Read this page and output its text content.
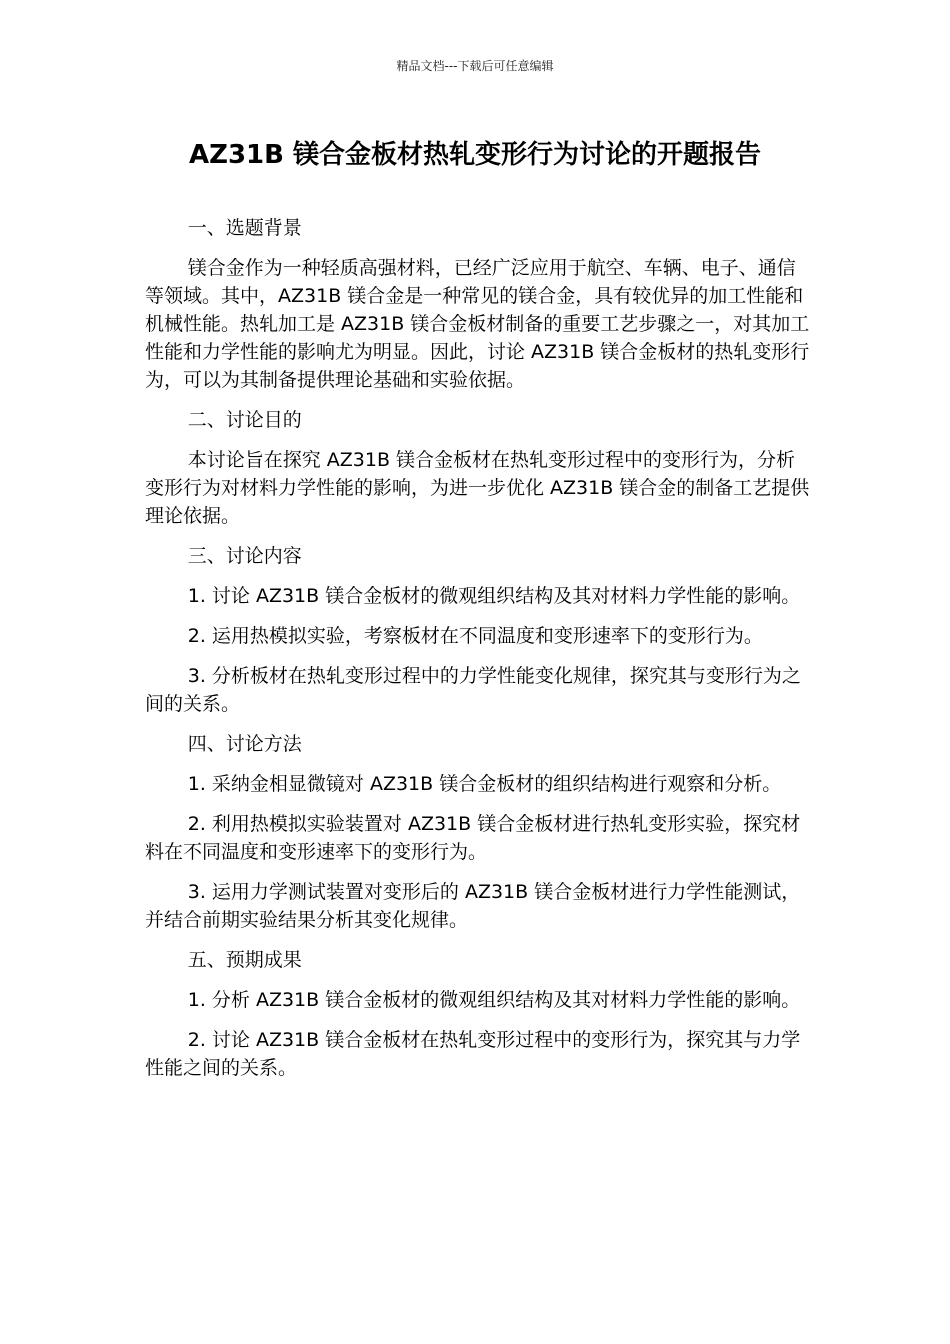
精品文档---下载后可任意编辑
AZ31B 镁合金板材热轧变形行为讨论的开题报告

一、选题背景

镁合金作为一种轻质高强材料，已经广泛应用于航空、车辆、电子、通信等领域。其中，AZ31B 镁合金是一种常见的镁合金，具有较优异的加工性能和机械性能。热轧加工是 AZ31B 镁合金板材制备的重要工艺步骤之一，对其加工性能和力学性能的影响尤为明显。因此，讨论 AZ31B 镁合金板材的热轧变形行为，可以为其制备提供理论基础和实验依据。

二、讨论目的

本讨论旨在探究 AZ31B 镁合金板材在热轧变形过程中的变形行为，分析变形行为对材料力学性能的影响，为进一步优化 AZ31B 镁合金的制备工艺提供理论依据。

三、讨论内容

1. 讨论 AZ31B 镁合金板材的微观组织结构及其对材料力学性能的影响。

2. 运用热模拟实验，考察板材在不同温度和变形速率下的变形行为。

3. 分析板材在热轧变形过程中的力学性能变化规律，探究其与变形行为之间的关系。

四、讨论方法

1. 采纳金相显微镜对 AZ31B 镁合金板材的组织结构进行观察和分析。

2. 利用热模拟实验装置对 AZ31B 镁合金板材进行热轧变形实验，探究材料在不同温度和变形速率下的变形行为。

3. 运用力学测试装置对变形后的 AZ31B 镁合金板材进行力学性能测试，并结合前期实验结果分析其变化规律。

五、预期成果

1. 分析 AZ31B 镁合金板材的微观组织结构及其对材料力学性能的影响。

2. 讨论 AZ31B 镁合金板材在热轧变形过程中的变形行为，探究其与力学性能之间的关系。
